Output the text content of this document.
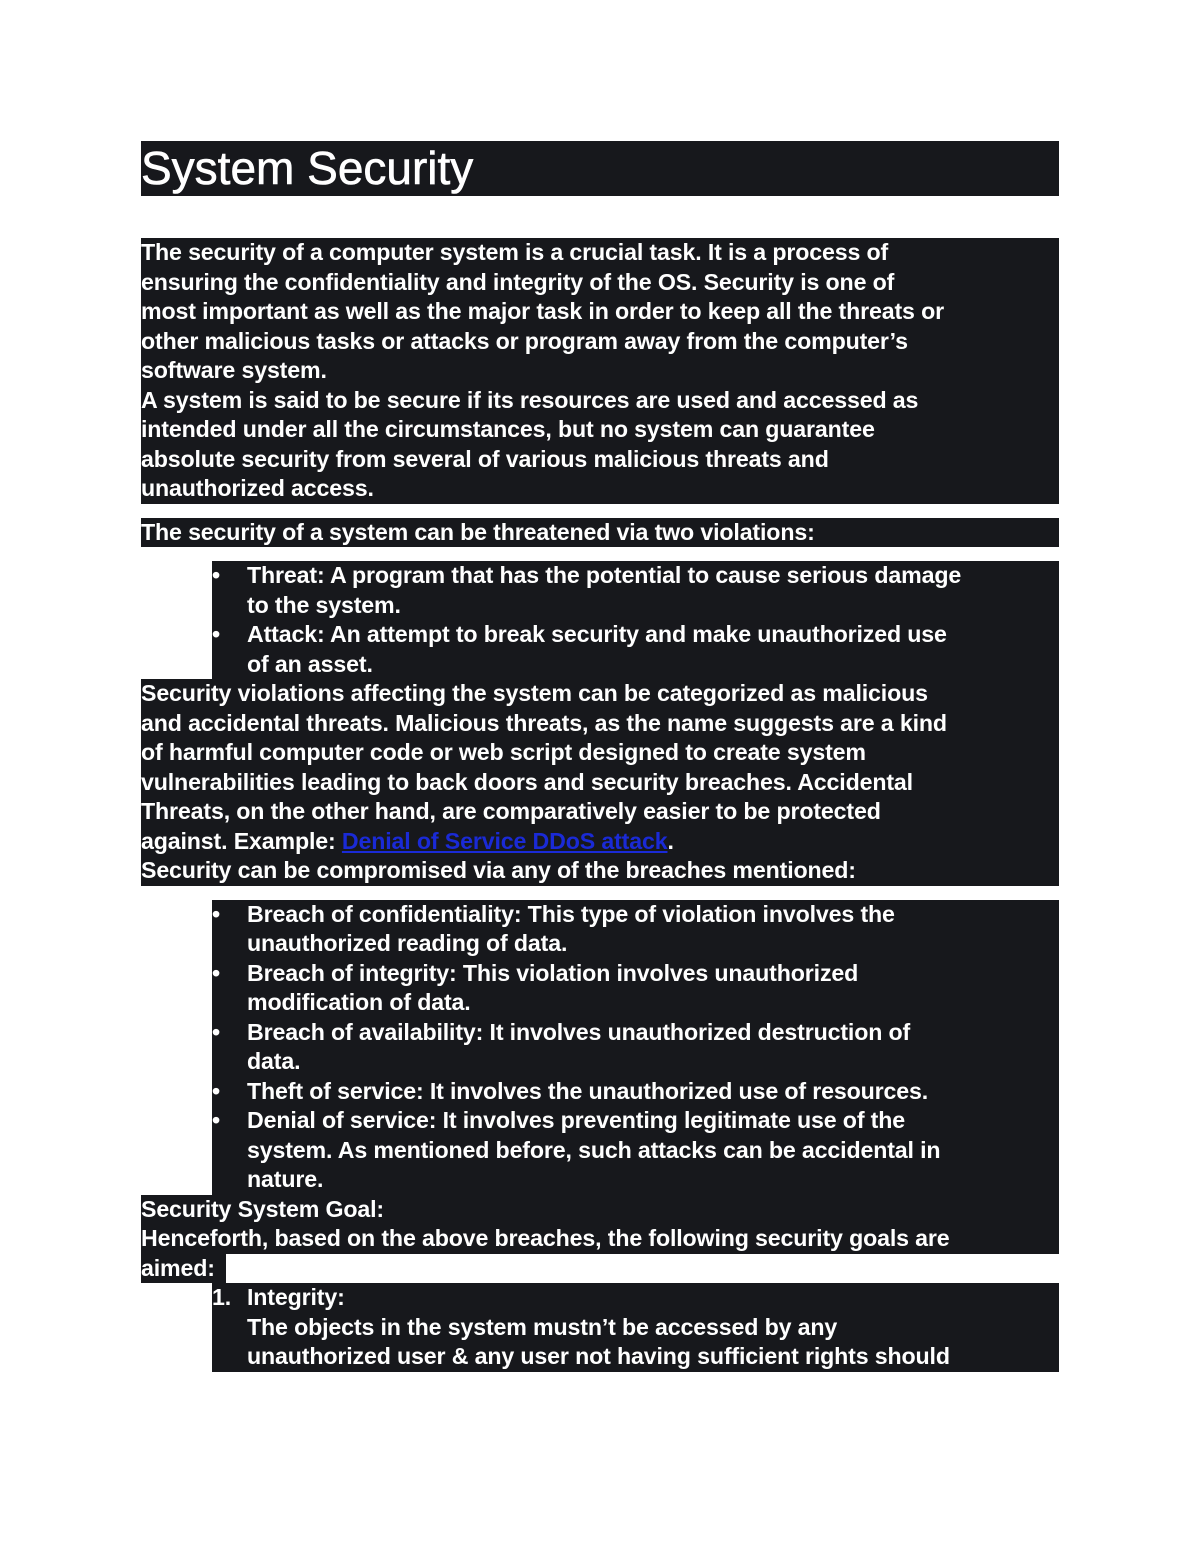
System Security
The security of a computer system is a crucial task. It is a process of
ensuring the confidentiality and integrity of the OS. Security is one of
most important as well as the major task in order to keep all the threats or
other malicious tasks or attacks or program away from the computer’s
software system.
A system is said to be secure if its resources are used and accessed as
intended under all the circumstances, but no system can guarantee
absolute security from several of various malicious threats and
unauthorized access.
The security of a system can be threatened via two violations:
•	Threat: A program that has the potential to cause serious damage
to the system.
•	Attack: An attempt to break security and make unauthorized use
of an asset.
Security violations affecting the system can be categorized as malicious
and accidental threats. Malicious threats, as the name suggests are a kind
of harmful computer code or web script designed to create system
vulnerabilities leading to back doors and security breaches. Accidental
Threats, on the other hand, are comparatively easier to be protected
against. Example: Denial of Service DDoS attack.
Security can be compromised via any of the breaches mentioned:
•	Breach of confidentiality: This type of violation involves the
unauthorized reading of data.
•	Breach of integrity: This violation involves unauthorized
modification of data.
•	Breach of availability: It involves unauthorized destruction of
data.
•	Theft of service: It involves the unauthorized use of resources.
•	Denial of service: It involves preventing legitimate use of the
system. As mentioned before, such attacks can be accidental in
nature.
Security System Goal:
Henceforth, based on the above breaches, the following security goals are
aimed:
1. Integrity:
The objects in the system mustn’t be accessed by any
unauthorized user & any user not having sufficient rights should
